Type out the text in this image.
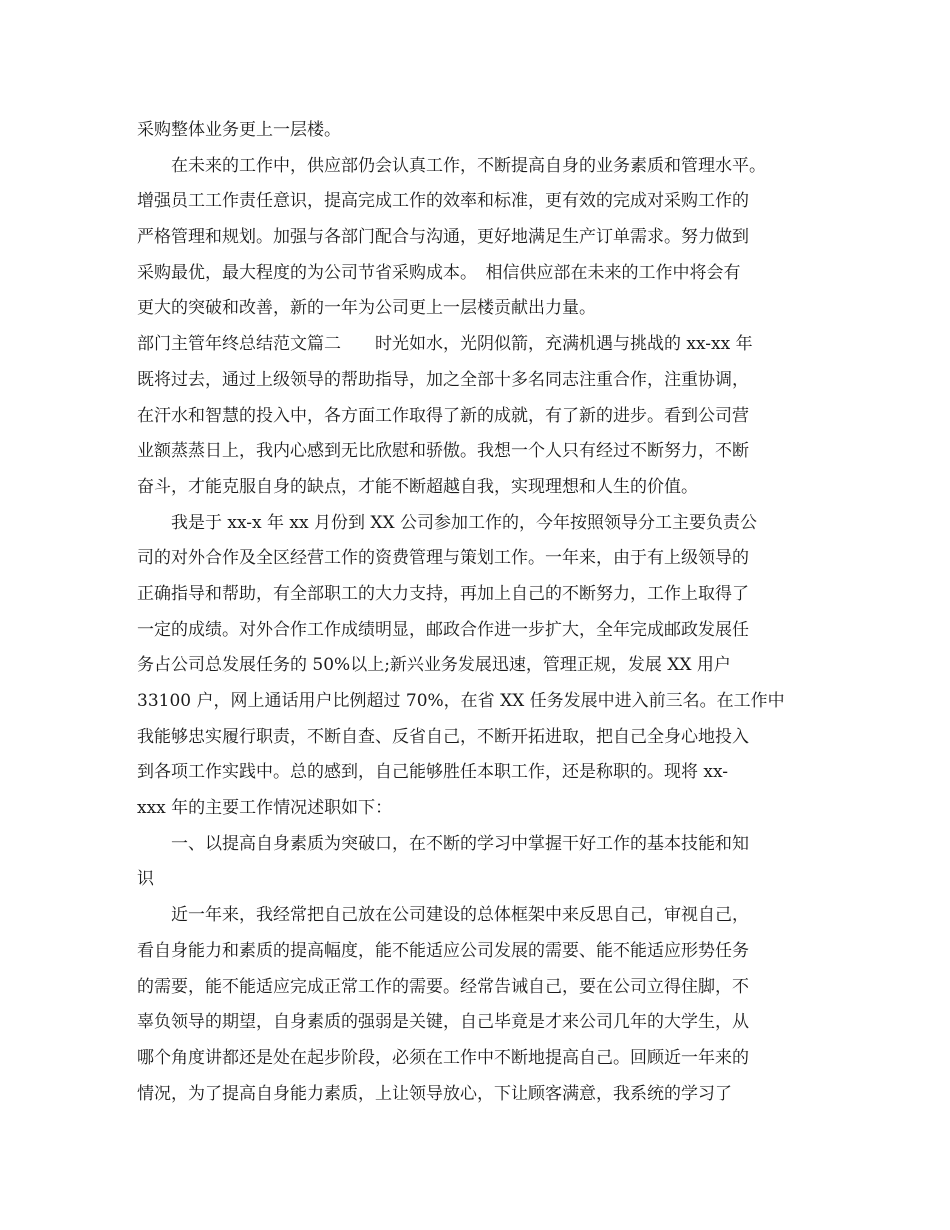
采购整体业务更上一层楼。
　　在未来的工作中，供应部仍会认真工作，不断提高自身的业务素质和管理水平。
增强员工工作责任意识，提高完成工作的效率和标准，更有效的完成对采购工作的
严格管理和规划。加强与各部门配合与沟通，更好地满足生产订单需求。努力做到
采购最优，最大程度的为公司节省采购成本。　相信供应部在未来的工作中将会有
更大的突破和改善，新的一年为公司更上一层楼贡献出力量。
部门主管年终总结范文篇二　　时光如水，光阴似箭，充满机遇与挑战的 xx-xx 年
既将过去，通过上级领导的帮助指导，加之全部十多名同志注重合作，注重协调，
在汗水和智慧的投入中，各方面工作取得了新的成就，有了新的进步。看到公司营
业额蒸蒸日上，我内心感到无比欣慰和骄傲。我想一个人只有经过不断努力，不断
奋斗，才能克服自身的缺点，才能不断超越自我，实现理想和人生的价值。
　　我是于 xx-x 年 xx 月份到 XX 公司参加工作的，今年按照领导分工主要负责公
司的对外合作及全区经营工作的资费管理与策划工作。一年来，由于有上级领导的
正确指导和帮助，有全部职工的大力支持，再加上自己的不断努力，工作上取得了
一定的成绩。对外合作工作成绩明显，邮政合作进一步扩大，全年完成邮政发展任
务占公司总发展任务的 50%以上;新兴业务发展迅速，管理正规，发展 XX 用户
33100 户，网上通话用户比例超过 70%，在省 XX 任务发展中进入前三名。在工作中
我能够忠实履行职责，不断自查、反省自己，不断开拓进取，把自己全身心地投入
到各项工作实践中。总的感到，自己能够胜任本职工作，还是称职的。现将 xx-
xxx 年的主要工作情况述职如下：
　　一、以提高自身素质为突破口，在不断的学习中掌握干好工作的基本技能和知
识
　　近一年来，我经常把自己放在公司建设的总体框架中来反思自己，审视自己，
看自身能力和素质的提高幅度，能不能适应公司发展的需要、能不能适应形势任务
的需要，能不能适应完成正常工作的需要。经常告诫自己，要在公司立得住脚，不
辜负领导的期望，自身素质的强弱是关键，自己毕竟是才来公司几年的大学生，从
哪个角度讲都还是处在起步阶段，必须在工作中不断地提高自己。回顾近一年来的
情况，为了提高自身能力素质，上让领导放心，下让顾客满意，我系统的学习了
